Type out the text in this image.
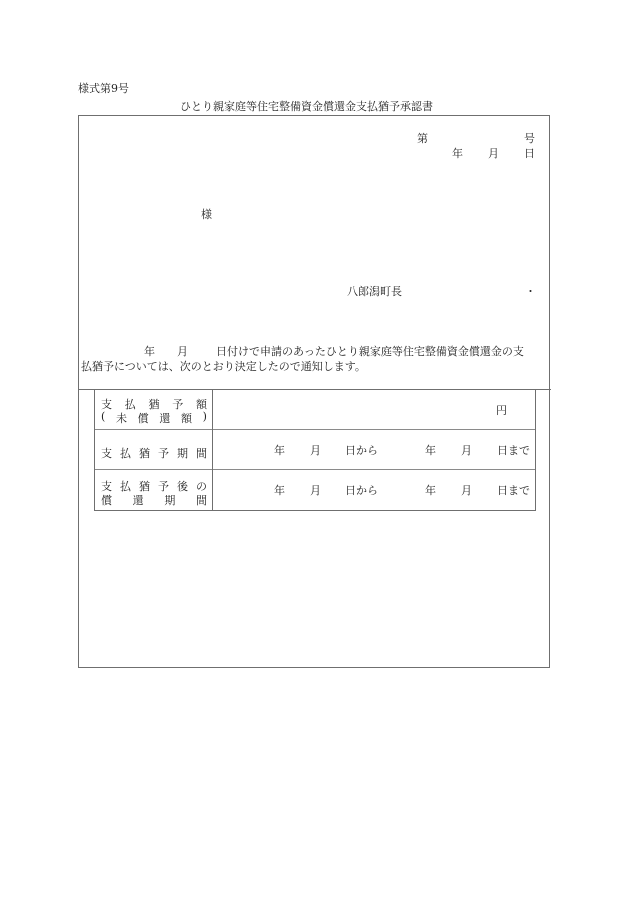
様式第9号
ひとり親家庭等住宅整備資金償還金支払猶予承認書
第	号
年 月 日
様
八郎潟町長	・
年 月	日付けで申請のあったひとり親家庭等住宅整備資金償還金の支
払猶予については、次のとおり決定したので通知します。
支 払 猶 予 額
( 未 償 還 額 )	円
支 払 猶 予 期 間	年 月 日から	年 月 日まで
支 払 猶 予 後 の
償 還 期 間
年 月 日から	年 月 日まで
